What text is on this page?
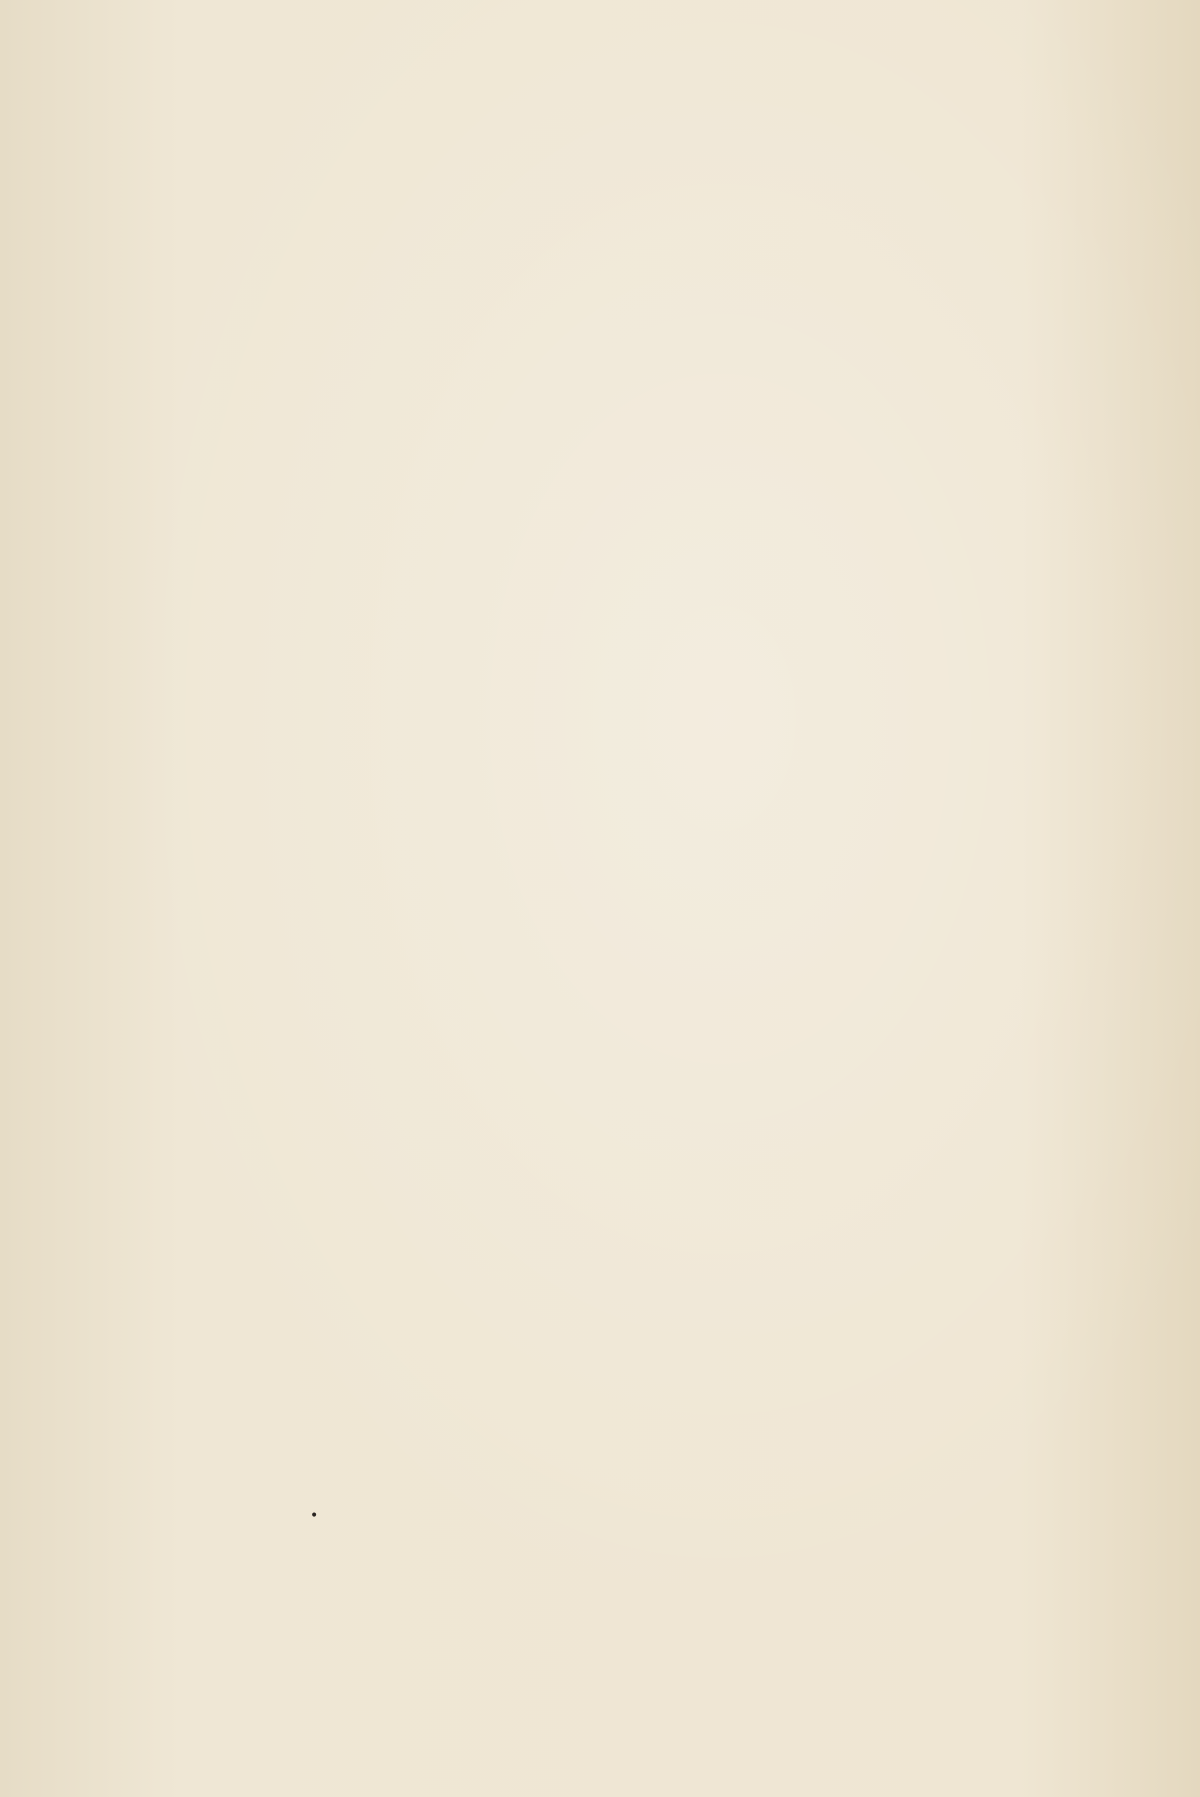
•
